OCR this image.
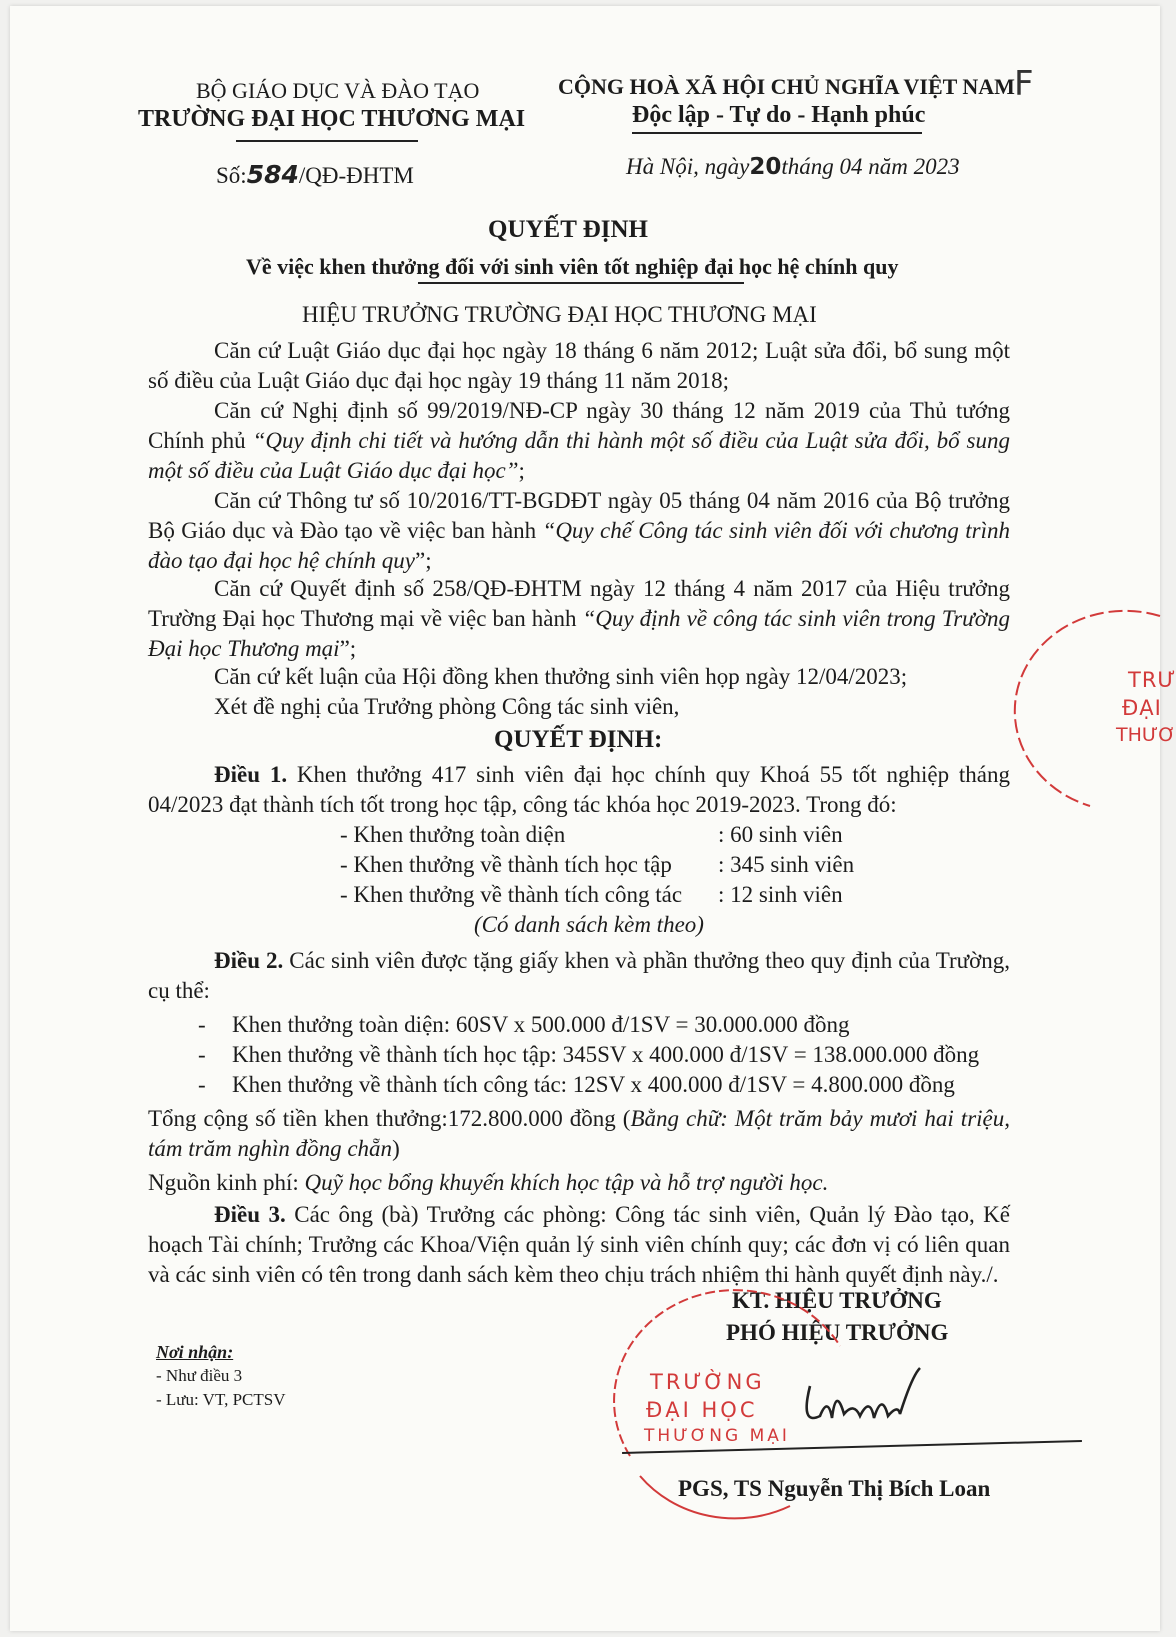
BỘ GIÁO DỤC VÀ ĐÀO TẠO
TRƯỜNG ĐẠI HỌC THƯƠNG MẠI
CỘNG HOÀ XÃ HỘI CHỦ NGHĨA VIỆT NAM
Độc lập - Tự do - Hạnh phúc
F
Số:584/QĐ-ĐHTM	Hà Nội, ngày20tháng 04 năm 2023
QUYẾT ĐỊNH
Về việc khen thưởng đối với sinh viên tốt nghiệp đại học hệ chính quy
HIỆU TRƯỞNG TRƯỜNG ĐẠI HỌC THƯƠNG MẠI
Căn cứ Luật Giáo dục đại học ngày 18 tháng 6 năm 2012; Luật sửa đổi, bổ sung một số điều của Luật Giáo dục đại học ngày 19 tháng 11 năm 2018;
Căn cứ Nghị định số 99/2019/NĐ-CP ngày 30 tháng 12 năm 2019 của Thủ tướng Chính phủ “Quy định chi tiết và hướng dẫn thi hành một số điều của Luật sửa đổi, bổ sung một số điều của Luật Giáo dục đại học”;
Căn cứ Thông tư số 10/2016/TT-BGDĐT ngày 05 tháng 04 năm 2016 của Bộ trưởng Bộ Giáo dục và Đào tạo về việc ban hành “Quy chế Công tác sinh viên đối với chương trình đào tạo đại học hệ chính quy”;
Căn cứ Quyết định số 258/QĐ-ĐHTM ngày 12 tháng 4 năm 2017 của Hiệu trưởng Trường Đại học Thương mại về việc ban hành “Quy định về công tác sinh viên trong Trường Đại học Thương mại”;
Căn cứ kết luận của Hội đồng khen thưởng sinh viên họp ngày 12/04/2023;
Xét đề nghị của Trưởng phòng Công tác sinh viên,
QUYẾT ĐỊNH:
Điều 1. Khen thưởng 417 sinh viên đại học chính quy Khoá 55 tốt nghiệp tháng 04/2023 đạt thành tích tốt trong học tập, công tác khóa học 2019-2023. Trong đó:
- Khen thưởng toàn diện	: 60 sinh viên
- Khen thưởng về thành tích học tập : 345 sinh viên
- Khen thưởng về thành tích công tác : 12 sinh viên
(Có danh sách kèm theo)
Điều 2. Các sinh viên được tặng giấy khen và phần thưởng theo quy định của Trường, cụ thể:
- Khen thưởng toàn diện: 60SV x 500.000 đ/1SV = 30.000.000 đồng
- Khen thưởng về thành tích học tập: 345SV x 400.000 đ/1SV = 138.000.000 đồng
- Khen thưởng về thành tích công tác: 12SV x 400.000 đ/1SV = 4.800.000 đồng
Tổng cộng số tiền khen thưởng:172.800.000 đồng (Bằng chữ: Một trăm bảy mươi hai triệu, tám trăm nghìn đồng chẵn)
Nguồn kinh phí: Quỹ học bổng khuyến khích học tập và hỗ trợ người học.
Điều 3. Các ông (bà) Trưởng các phòng: Công tác sinh viên, Quản lý Đào tạo, Kế hoạch Tài chính; Trưởng các Khoa/Viện quản lý sinh viên chính quy; các đơn vị có liên quan và các sinh viên có tên trong danh sách kèm theo chịu trách nhiệm thi hành quyết định này./.
KT. HIỆU TRƯỞNG
PHÓ HIỆU TRƯỞNG
Nơi nhận:
- Như điều 3
- Lưu: VT, PCTSV
TRƯỜNG
ĐẠI HỌC
THƯƠNG MẠI
PGS, TS Nguyễn Thị Bích Loan
TRƯ
ĐẠI
THƯƠ
